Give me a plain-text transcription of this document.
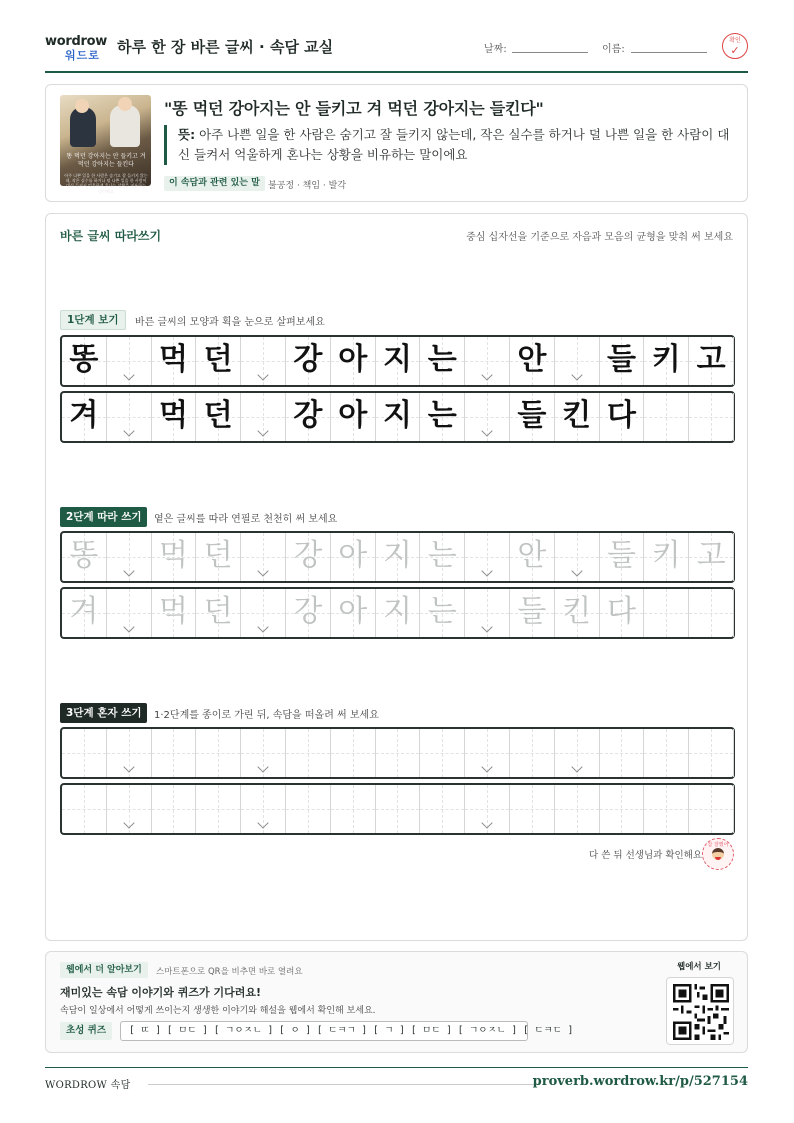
wordrow
워드로 하루 한 장 바른 글씨 · 속담 교실	날짜:	이름:
확인
✓
똥 먹던 강아지는 안 들키고 겨 먹던 강아지는 들킨다
아주 나쁜 일을 한 사람은 숨기고 잘 들키지 않는데, 작은 실수를 하거나 덜 나쁜 일을 한 사람이 대신 들켜서 억울하게 혼나는 상황을 비유하는 말이에요
"똥 먹던 강아지는 안 들키고 겨 먹던 강아지는 들킨다"
뜻: 아주 나쁜 일을 한 사람은 숨기고 잘 들키지 않는데, 작은 실수를 하거나 덜 나쁜 일을 한 사람이 대신 들켜서 억울하게 혼나는 상황을 비유하는 말이에요
이 속담과 관련 있는 말 불공정 · 책임 · 발각
바른 글씨 따라쓰기	중심 십자선을 기준으로 자음과 모음의 균형을 맞춰 써 보세요
1단계 보기	바른 글씨의 모양과 획을 눈으로 살펴보세요
똥 먹 던 강 아 지 는 안 들 키 고
겨 먹 던 강 아 지 는 들 킨 다
2단계 따라 쓰기	옅은 글씨를 따라 연필로 천천히 써 보세요
똥 먹 던 강 아 지 는 안 들 키 고
겨 먹 던 강 아 지 는 들 킨 다
3단계 혼자 쓰기	1·2단계를 종이로 가린 뒤, 속담을 떠올려 써 보세요
다 쓴 뒤 선생님과 확인해요
참 잘했어
웹에서 더 알아보기	스마트폰으로 QR을 비추면 바로 열려요
재미있는 속담 이야기와 퀴즈가 기다려요!
속담이 일상에서 어떻게 쓰이는지 생생한 이야기와 해설을 웹에서 확인해 보세요.
초성 퀴즈	[ ㄸ ] [ ㅁㄷ ] [ ㄱㅇㅈㄴ ] [ ㅇ ] [ ㄷㅋㄱ ] [ ㄱ ] [ ㅁㄷ ] [ ㄱㅇㅈㄴ ] [ ㄷㅋㄷ ]
웹에서 보기
WORDROW 속담	proverb.wordrow.kr/p/527154
